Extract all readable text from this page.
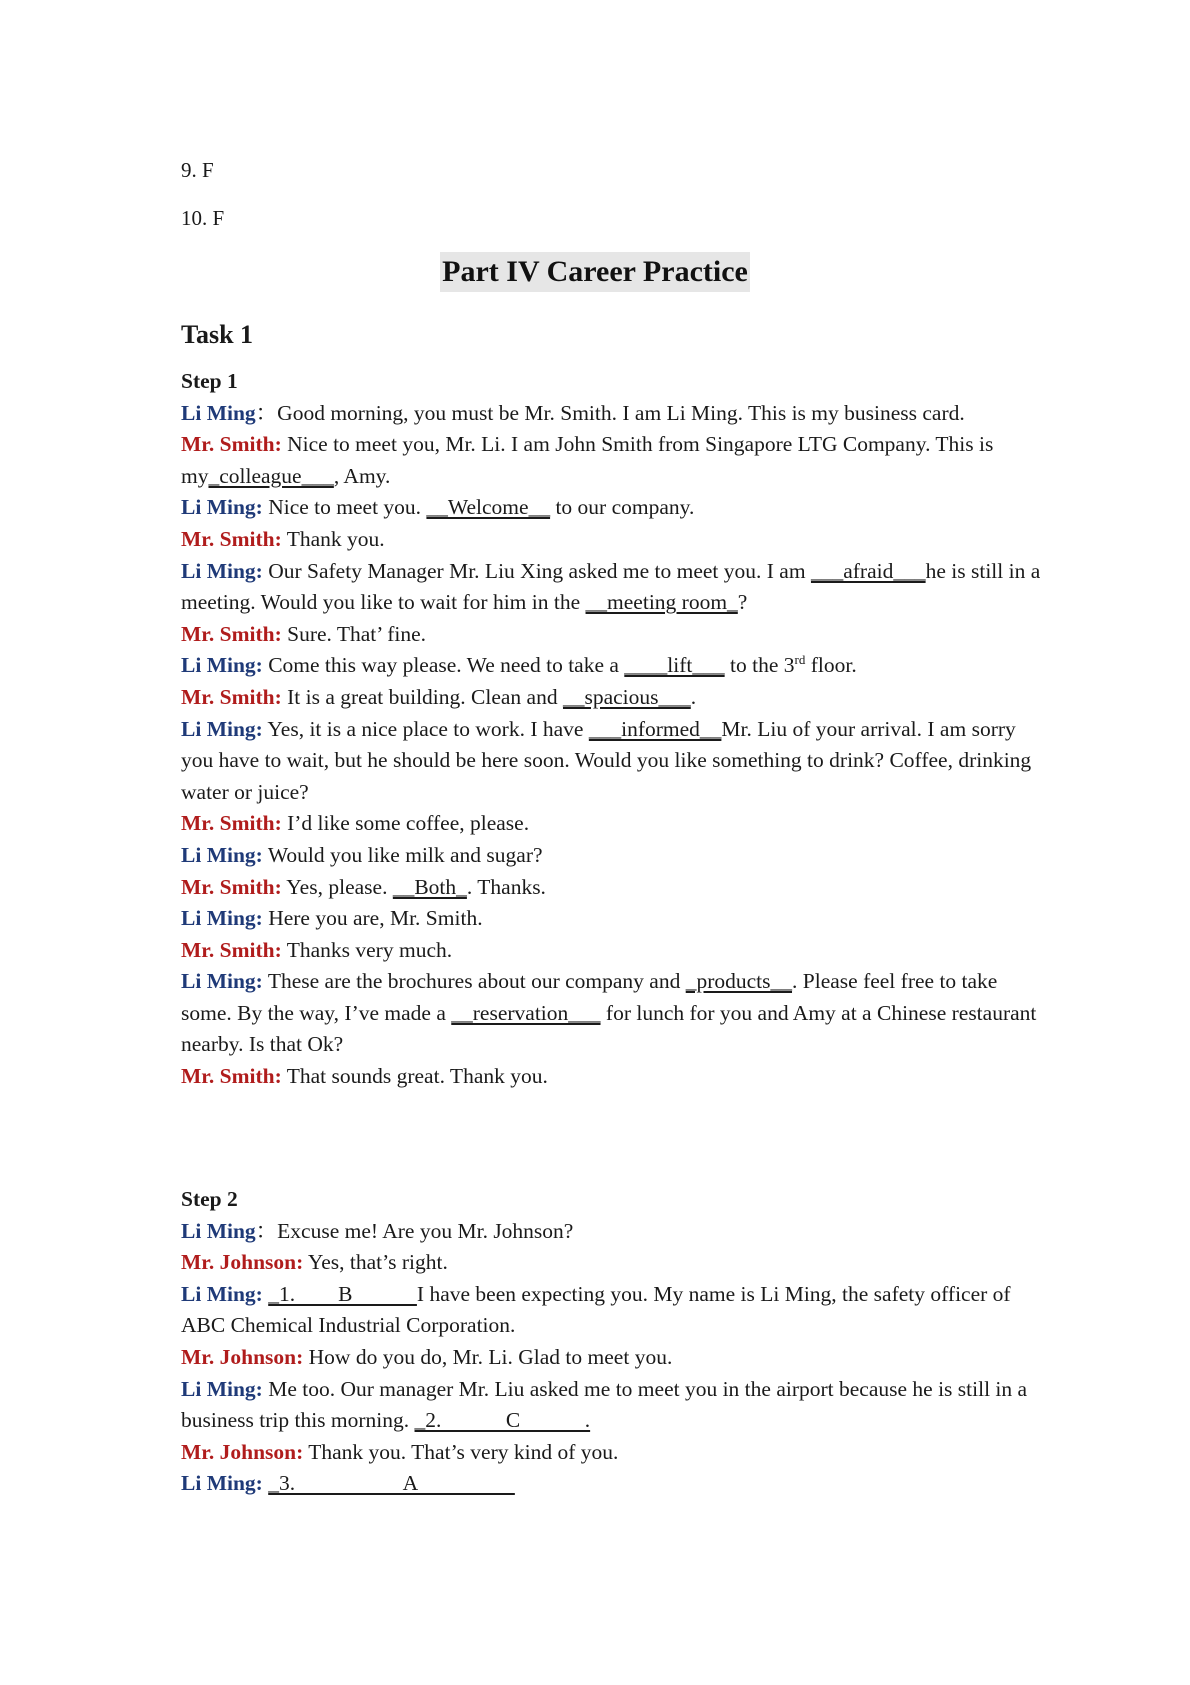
9. F
10. F
Part IV Career Practice
Task 1

Step 1

Li Ming：Good morning, you must be Mr. Smith. I am Li Ming. This is my business card.

Mr. Smith: Nice to meet you, Mr. Li. I am John Smith from Singapore LTG Company. This is my_colleague___, Amy.

Li Ming: Nice to meet you. __Welcome__ to our company.

Mr. Smith: Thank you.

Li Ming: Our Safety Manager Mr. Liu Xing asked me to meet you. I am ___afraid___he is still in a meeting. Would you like to wait for him in the __meeting room_?

Mr. Smith: Sure. That’ fine.

Li Ming: Come this way please. We need to take a ____lift___ to the 3rd floor.

Mr. Smith: It is a great building. Clean and __spacious___.

Li Ming: Yes, it is a nice place to work. I have ___informed__Mr. Liu of your arrival. I am sorry you have to wait, but he should be here soon. Would you like something to drink? Coffee, drinking water or juice?

Mr. Smith: I’d like some coffee, please.

Li Ming: Would you like milk and sugar?

Mr. Smith: Yes, please. __Both_. Thanks.

Li Ming: Here you are, Mr. Smith.

Mr. Smith: Thanks very much.

Li Ming: These are the brochures about our company and _products__. Please feel free to take some. By the way, I’ve made a __reservation___ for lunch for you and Amy at a Chinese restaurant nearby. Is that Ok?

Mr. Smith: That sounds great. Thank you.

Step 2

Li Ming：Excuse me! Are you Mr. Johnson?

Mr. Johnson: Yes, that’s right.

Li Ming: _1.        B            I have been expecting you. My name is Li Ming, the safety officer of ABC Chemical Industrial Corporation.

Mr. Johnson: How do you do, Mr. Li. Glad to meet you.

Li Ming: Me too. Our manager Mr. Liu asked me to meet you in the airport because he is still in a business trip this morning. _2.            C            .

Mr. Johnson: Thank you. That’s very kind of you.

Li Ming: _3.                    A
